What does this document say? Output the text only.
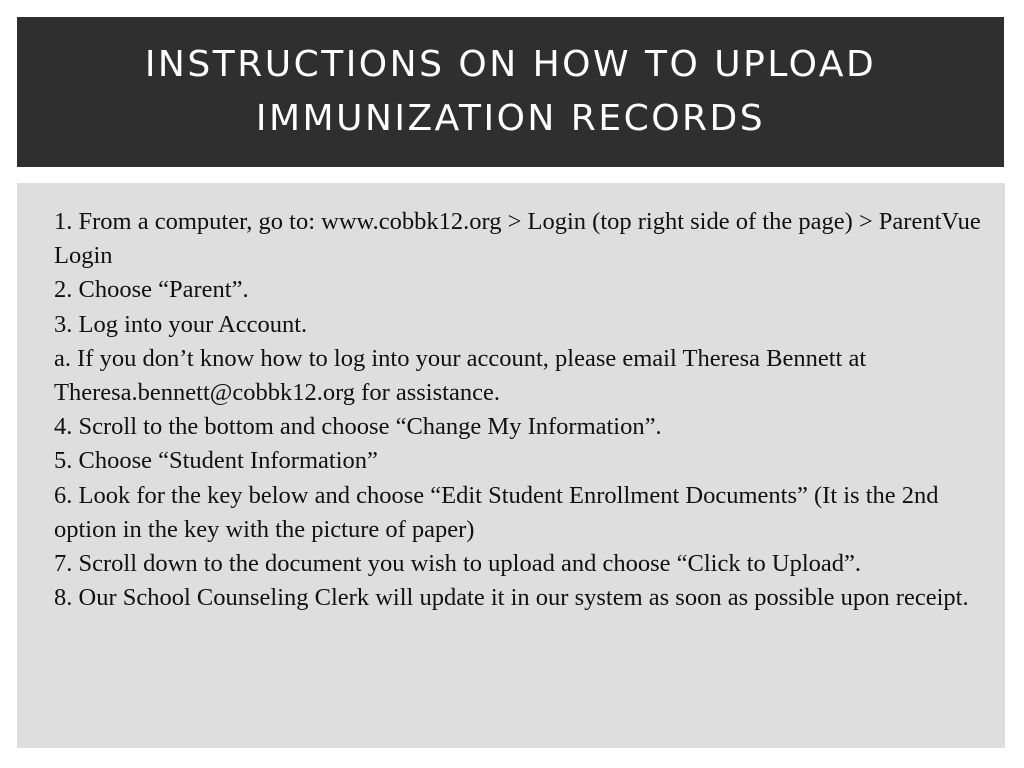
INSTRUCTIONS ON HOW TO UPLOAD IMMUNIZATION RECORDS
1. From a computer, go to: www.cobbk12.org > Login (top right side of the page) > ParentVue Login
2. Choose “Parent”.
3. Log into your Account.
a. If you don’t know how to log into your account, please email Theresa Bennett at Theresa.bennett@cobbk12.org for assistance.
4. Scroll to the bottom and choose “Change My Information”.
5. Choose “Student Information”
6. Look for the key below and choose “Edit Student Enrollment Documents” (It is the 2nd option in the key with the picture of paper)
7. Scroll down to the document you wish to upload and choose “Click to Upload”.
8. Our School Counseling Clerk will update it in our system as soon as possible upon receipt.
